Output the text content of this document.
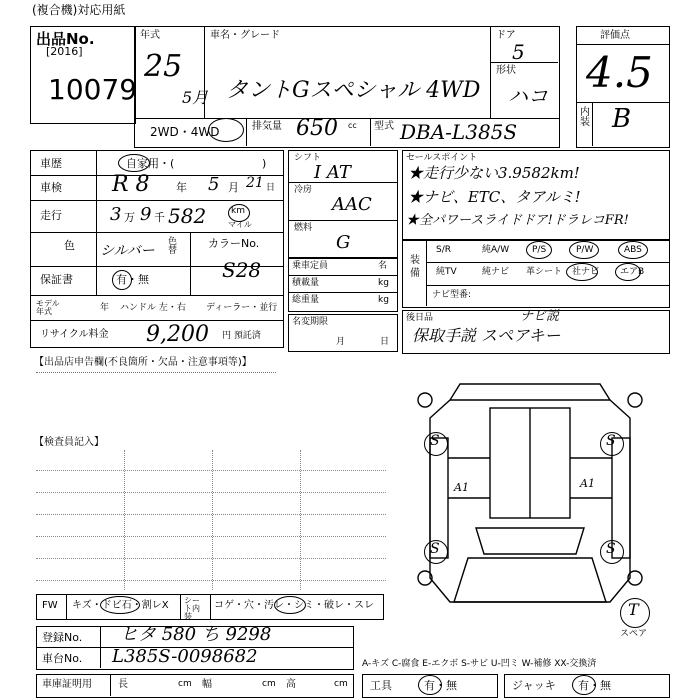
(複合機)対応用紙
出品No.
[2016]
10079
年式
25
5月
車名・グレード
タントGスペシャル 4WD
ドア
5
形状
ハコ
2WD・4WD	排気量 650 cc 型式 DBA-L385S
評価点
4.5
内装 B
車歴	自家用・(	)
車検 R 8 年 5 月 21 日
走行	3 万 9 千 582	km
マイル
色 シルバー
色替
カラーNo.
S28
保証書	有・無
モデル年式	年 ハンドル 左・右 ディーラー・並行
リサイクル料金 9,200 円 預託済
シフト
I AT
冷房
AAC
燃料
G
乗車定員	名
積載量	kg
総重量	kg
名変期限
月	日
セールスポイント
★走行少ない3.9582km!
★ナビ、ETC、タアルミ!
★全パワースライドドア!ドラレコFR!
装備
S/R	純A/W	P/S	P/W	ABS
純TV	純ナビ 革シート 社ナビ エアB
ナビ型番:
後日品
保取手説 スペアキー
ナビ説
【出品店申告欄(不良箇所・欠品・注意事項等)】
【検査員記入】	S	S
S	S
A1	A1
T
スペア
FW キズ・ドビ石・割レX シート内装
コゲ・穴・汚レ・シミ・破レ・スレ
登録No. ヒタ 580 ち 9298
車台No. L385S-0098682	A-キズ C-腐食 E-エクボ S-サビ U-凹ミ W-補修 XX-交換済
車庫証明用	長	cm 幅	cm 高	cm 工具	有・無	ジャッキ 有・無
